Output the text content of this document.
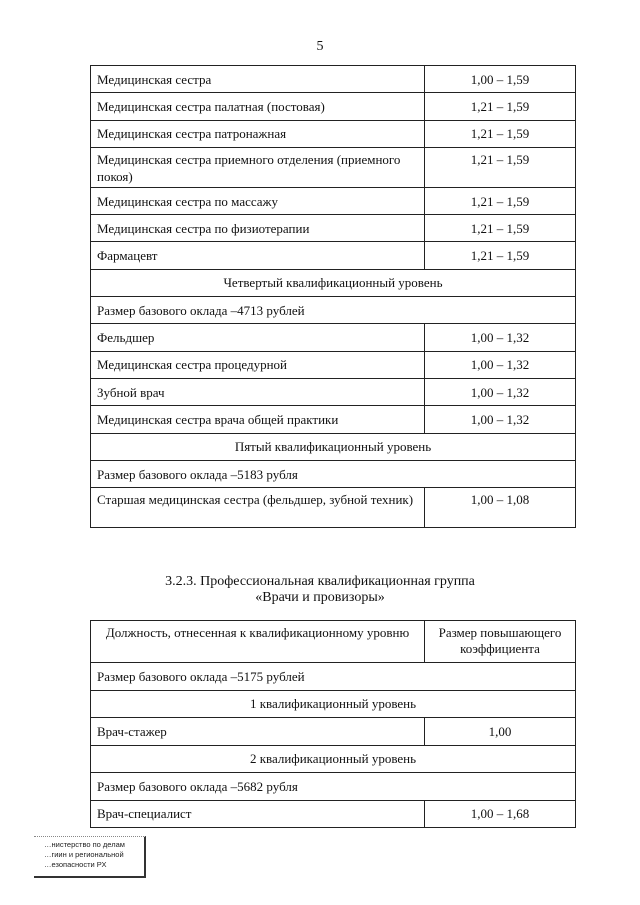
5
Медицинская сестра	1,00 – 1,59
Медицинская сестра палатная (постовая)	1,21 – 1,59
Медицинская сестра патронажная	1,21 – 1,59
Медицинская сестра приемного отделения (приемного покоя)	1,21 – 1,59
Медицинская сестра по массажу	1,21 – 1,59
Медицинская сестра по физиотерапии	1,21 – 1,59
Фармацевт	1,21 – 1,59
Четвертый квалификационный уровень	
Размер базового оклада –4713 рублей	
Фельдшер	1,00 – 1,32
Медицинская сестра процедурной	1,00 – 1,32
Зубной врач	1,00 – 1,32
Медицинская сестра врача общей практики	1,00 – 1,32
Пятый квалификационный уровень	
Размер базового оклада –5183 рубля	
Старшая медицинская сестра (фельдшер, зубной техник)	1,00 – 1,08
3.2.3. Профессиональная квалификационная группа
«Врачи и провизоры»
Должность, отнесенная к квалификационному уровню	Размер повышающего коэффициента
Размер базового оклада –5175 рублей	
1 квалификационный уровень	
Врач-стажер	1,00
2 квалификационный уровень	
Размер базового оклада –5682 рубля	
Врач-специалист	1,00 – 1,68
…нистерство по делам
…гиин и региональной
…езопасности РХ
